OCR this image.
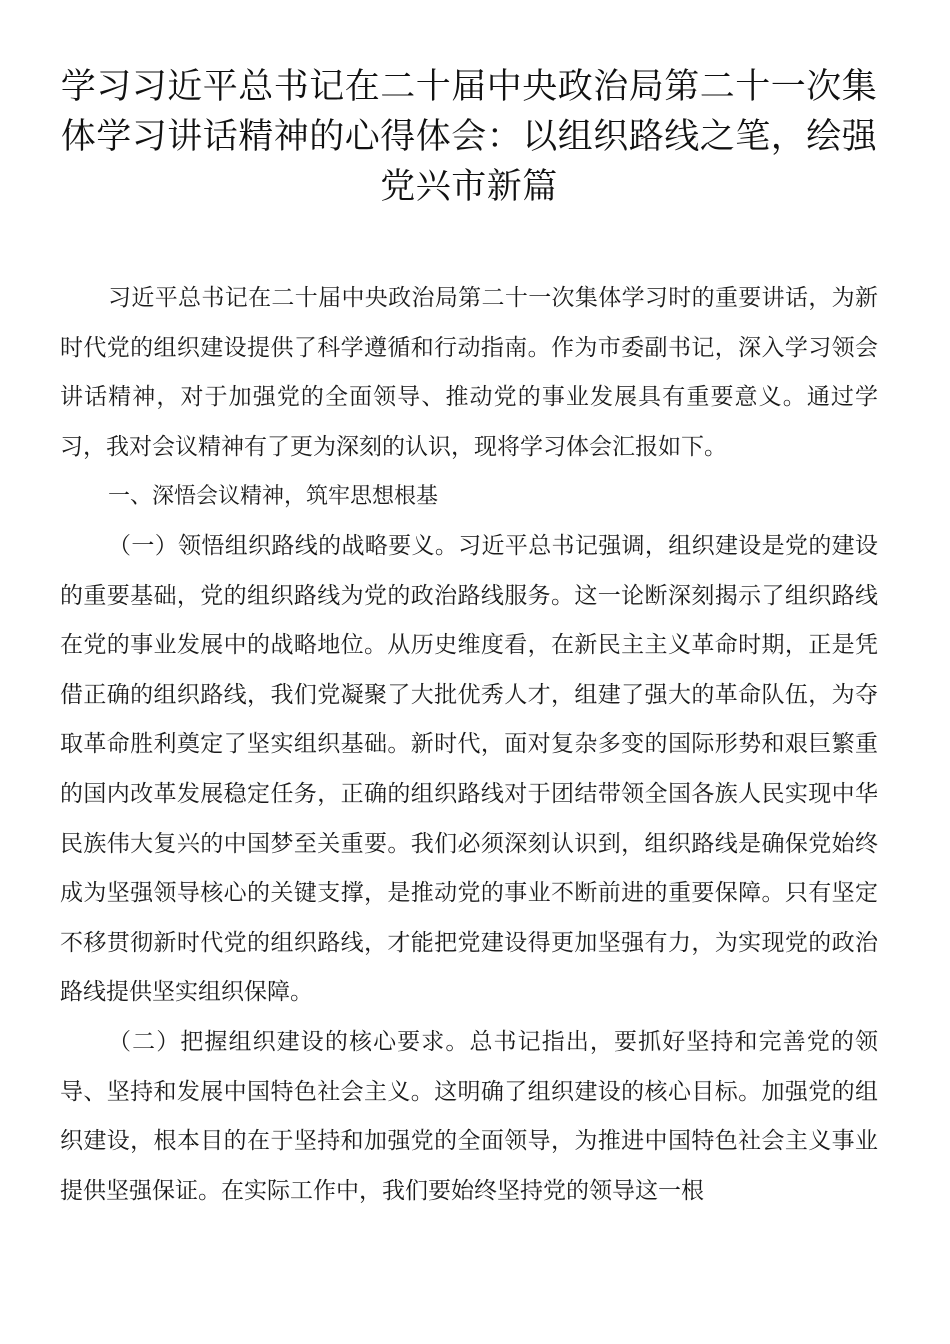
学习习近平总书记在二十届中央政治局第二十一次集
体学习讲话精神的心得体会：以组织路线之笔，绘强
党兴市新篇

习近平总书记在二十届中央政治局第二十一次集体学习时的重要讲话，为新时代党的组织建设提供了科学遵循和行动指南。作为市委副书记，深入学习领会讲话精神，对于加强党的全面领导、推动党的事业发展具有重要意义。通过学习，我对会议精神有了更为深刻的认识，现将学习体会汇报如下。

一、深悟会议精神，筑牢思想根基

（一）领悟组织路线的战略要义。习近平总书记强调，组织建设是党的建设的重要基础，党的组织路线为党的政治路线服务。这一论断深刻揭示了组织路线在党的事业发展中的战略地位。从历史维度看，在新民主主义革命时期，正是凭借正确的组织路线，我们党凝聚了大批优秀人才，组建了强大的革命队伍，为夺取革命胜利奠定了坚实组织基础。新时代，面对复杂多变的国际形势和艰巨繁重的国内改革发展稳定任务，正确的组织路线对于团结带领全国各族人民实现中华民族伟大复兴的中国梦至关重要。我们必须深刻认识到，组织路线是确保党始终成为坚强领导核心的关键支撑，是推动党的事业不断前进的重要保障。只有坚定不移贯彻新时代党的组织路线，才能把党建设得更加坚强有力，为实现党的政治路线提供坚实组织保障。

（二）把握组织建设的核心要求。总书记指出，要抓好坚持和完善党的领导、坚持和发展中国特色社会主义。这明确了组织建设的核心目标。加强党的组织建设，根本目的在于坚持和加强党的全面领导，为推进中国特色社会主义事业提供坚强保证。在实际工作中，我们要始终坚持党的领导这一根
